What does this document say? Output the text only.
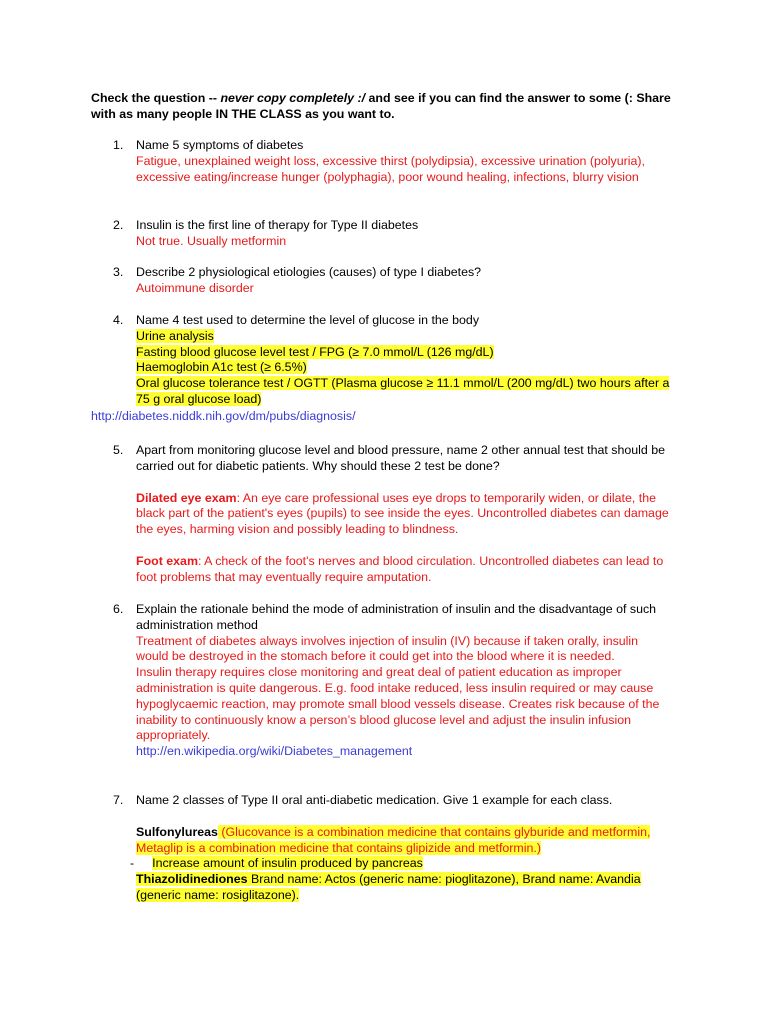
Check the question -- never copy completely :/ and see if you can find the answer to some (: Share with as many people IN THE CLASS as you want to.
1. Name 5 symptoms of diabetes
Fatigue, unexplained weight loss, excessive thirst (polydipsia), excessive urination (polyuria), excessive eating/increase hunger (polyphagia), poor wound healing, infections, blurry vision
2. Insulin is the first line of therapy for Type II diabetes
Not true. Usually metformin
3. Describe 2 physiological etiologies (causes) of type I diabetes?
Autoimmune disorder
4. Name 4 test used to determine the level of glucose in the body
Urine analysis
Fasting blood glucose level test / FPG (≥ 7.0 mmol/L (126 mg/dL)
Haemoglobin A1c test (≥ 6.5%)
Oral glucose tolerance test / OGTT (Plasma glucose ≥ 11.1 mmol/L (200 mg/dL) two hours after a 75 g oral glucose load)
http://diabetes.niddk.nih.gov/dm/pubs/diagnosis/
5. Apart from monitoring glucose level and blood pressure, name 2 other annual test that should be carried out for diabetic patients. Why should these 2 test be done?
Dilated eye exam: An eye care professional uses eye drops to temporarily widen, or dilate, the black part of the patient's eyes (pupils) to see inside the eyes. Uncontrolled diabetes can damage the eyes, harming vision and possibly leading to blindness.
Foot exam: A check of the foot's nerves and blood circulation. Uncontrolled diabetes can lead to foot problems that may eventually require amputation.
6. Explain the rationale behind the mode of administration of insulin and the disadvantage of such administration method
Treatment of diabetes always involves injection of insulin (IV) because if taken orally, insulin would be destroyed in the stomach before it could get into the blood where it is needed.
Insulin therapy requires close monitoring and great deal of patient education as improper administration is quite dangerous. E.g. food intake reduced, less insulin required or may cause hypoglycaemic reaction, may promote small blood vessels disease. Creates risk because of the inability to continuously know a person’s blood glucose level and adjust the insulin infusion appropriately.
http://en.wikipedia.org/wiki/Diabetes_management
7. Name 2 classes of Type II oral anti-diabetic medication. Give 1 example for each class.
Sulfonylureas (Glucovance is a combination medicine that contains glyburide and metformin, Metaglip is a combination medicine that contains glipizide and metformin.)
- Increase amount of insulin produced by pancreas
Thiazolidinediones Brand name: Actos (generic name: pioglitazone), Brand name: Avandia (generic name: rosiglitazone).
